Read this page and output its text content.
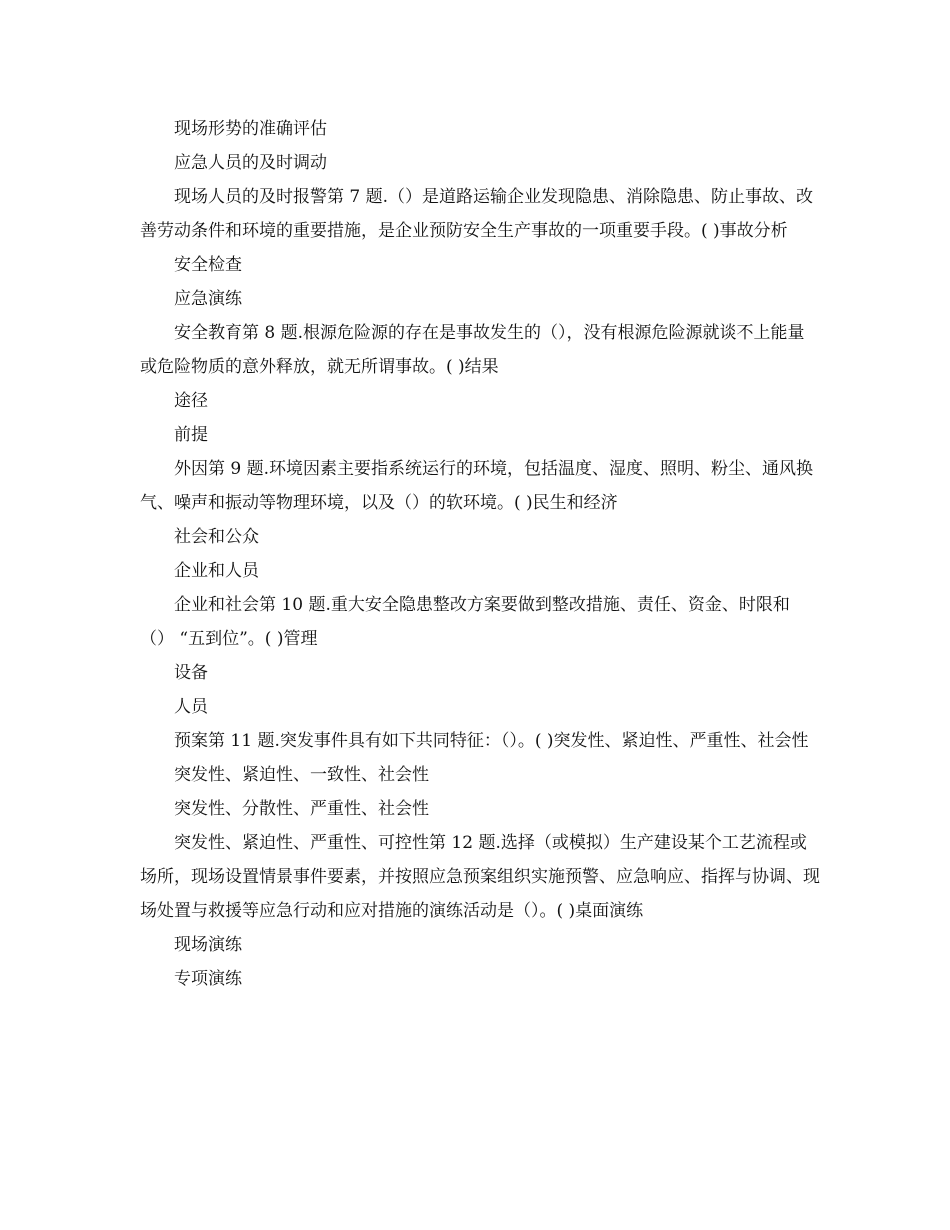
现场形势的准确评估

应急人员的及时调动

现场人员的及时报警第 7 题.（）是道路运输企业发现隐患、消除隐患、防止事故、改善劳动条件和环境的重要措施，是企业预防安全生产事故的一项重要手段。( )事故分析

安全检查

应急演练

安全教育第 8 题.根源危险源的存在是事故发生的（），没有根源危险源就谈不上能量或危险物质的意外释放，就无所谓事故。( )结果

途径

前提

外因第 9 题.环境因素主要指系统运行的环境，包括温度、湿度、照明、粉尘、通风换气、噪声和振动等物理环境，以及（）的软环境。( )民生和经济

社会和公众

企业和人员

企业和社会第 10 题.重大安全隐患整改方案要做到整改措施、责任、资金、时限和（） “五到位”。( )管理

设备

人员

预案第 11 题.突发事件具有如下共同特征：（）。( )突发性、紧迫性、严重性、社会性

突发性、紧迫性、一致性、社会性

突发性、分散性、严重性、社会性

突发性、紧迫性、严重性、可控性第 12 题.选择（或模拟）生产建设某个工艺流程或场所，现场设置情景事件要素，并按照应急预案组织实施预警、应急响应、指挥与协调、现场处置与救援等应急行动和应对措施的演练活动是（）。( )桌面演练

现场演练

专项演练
